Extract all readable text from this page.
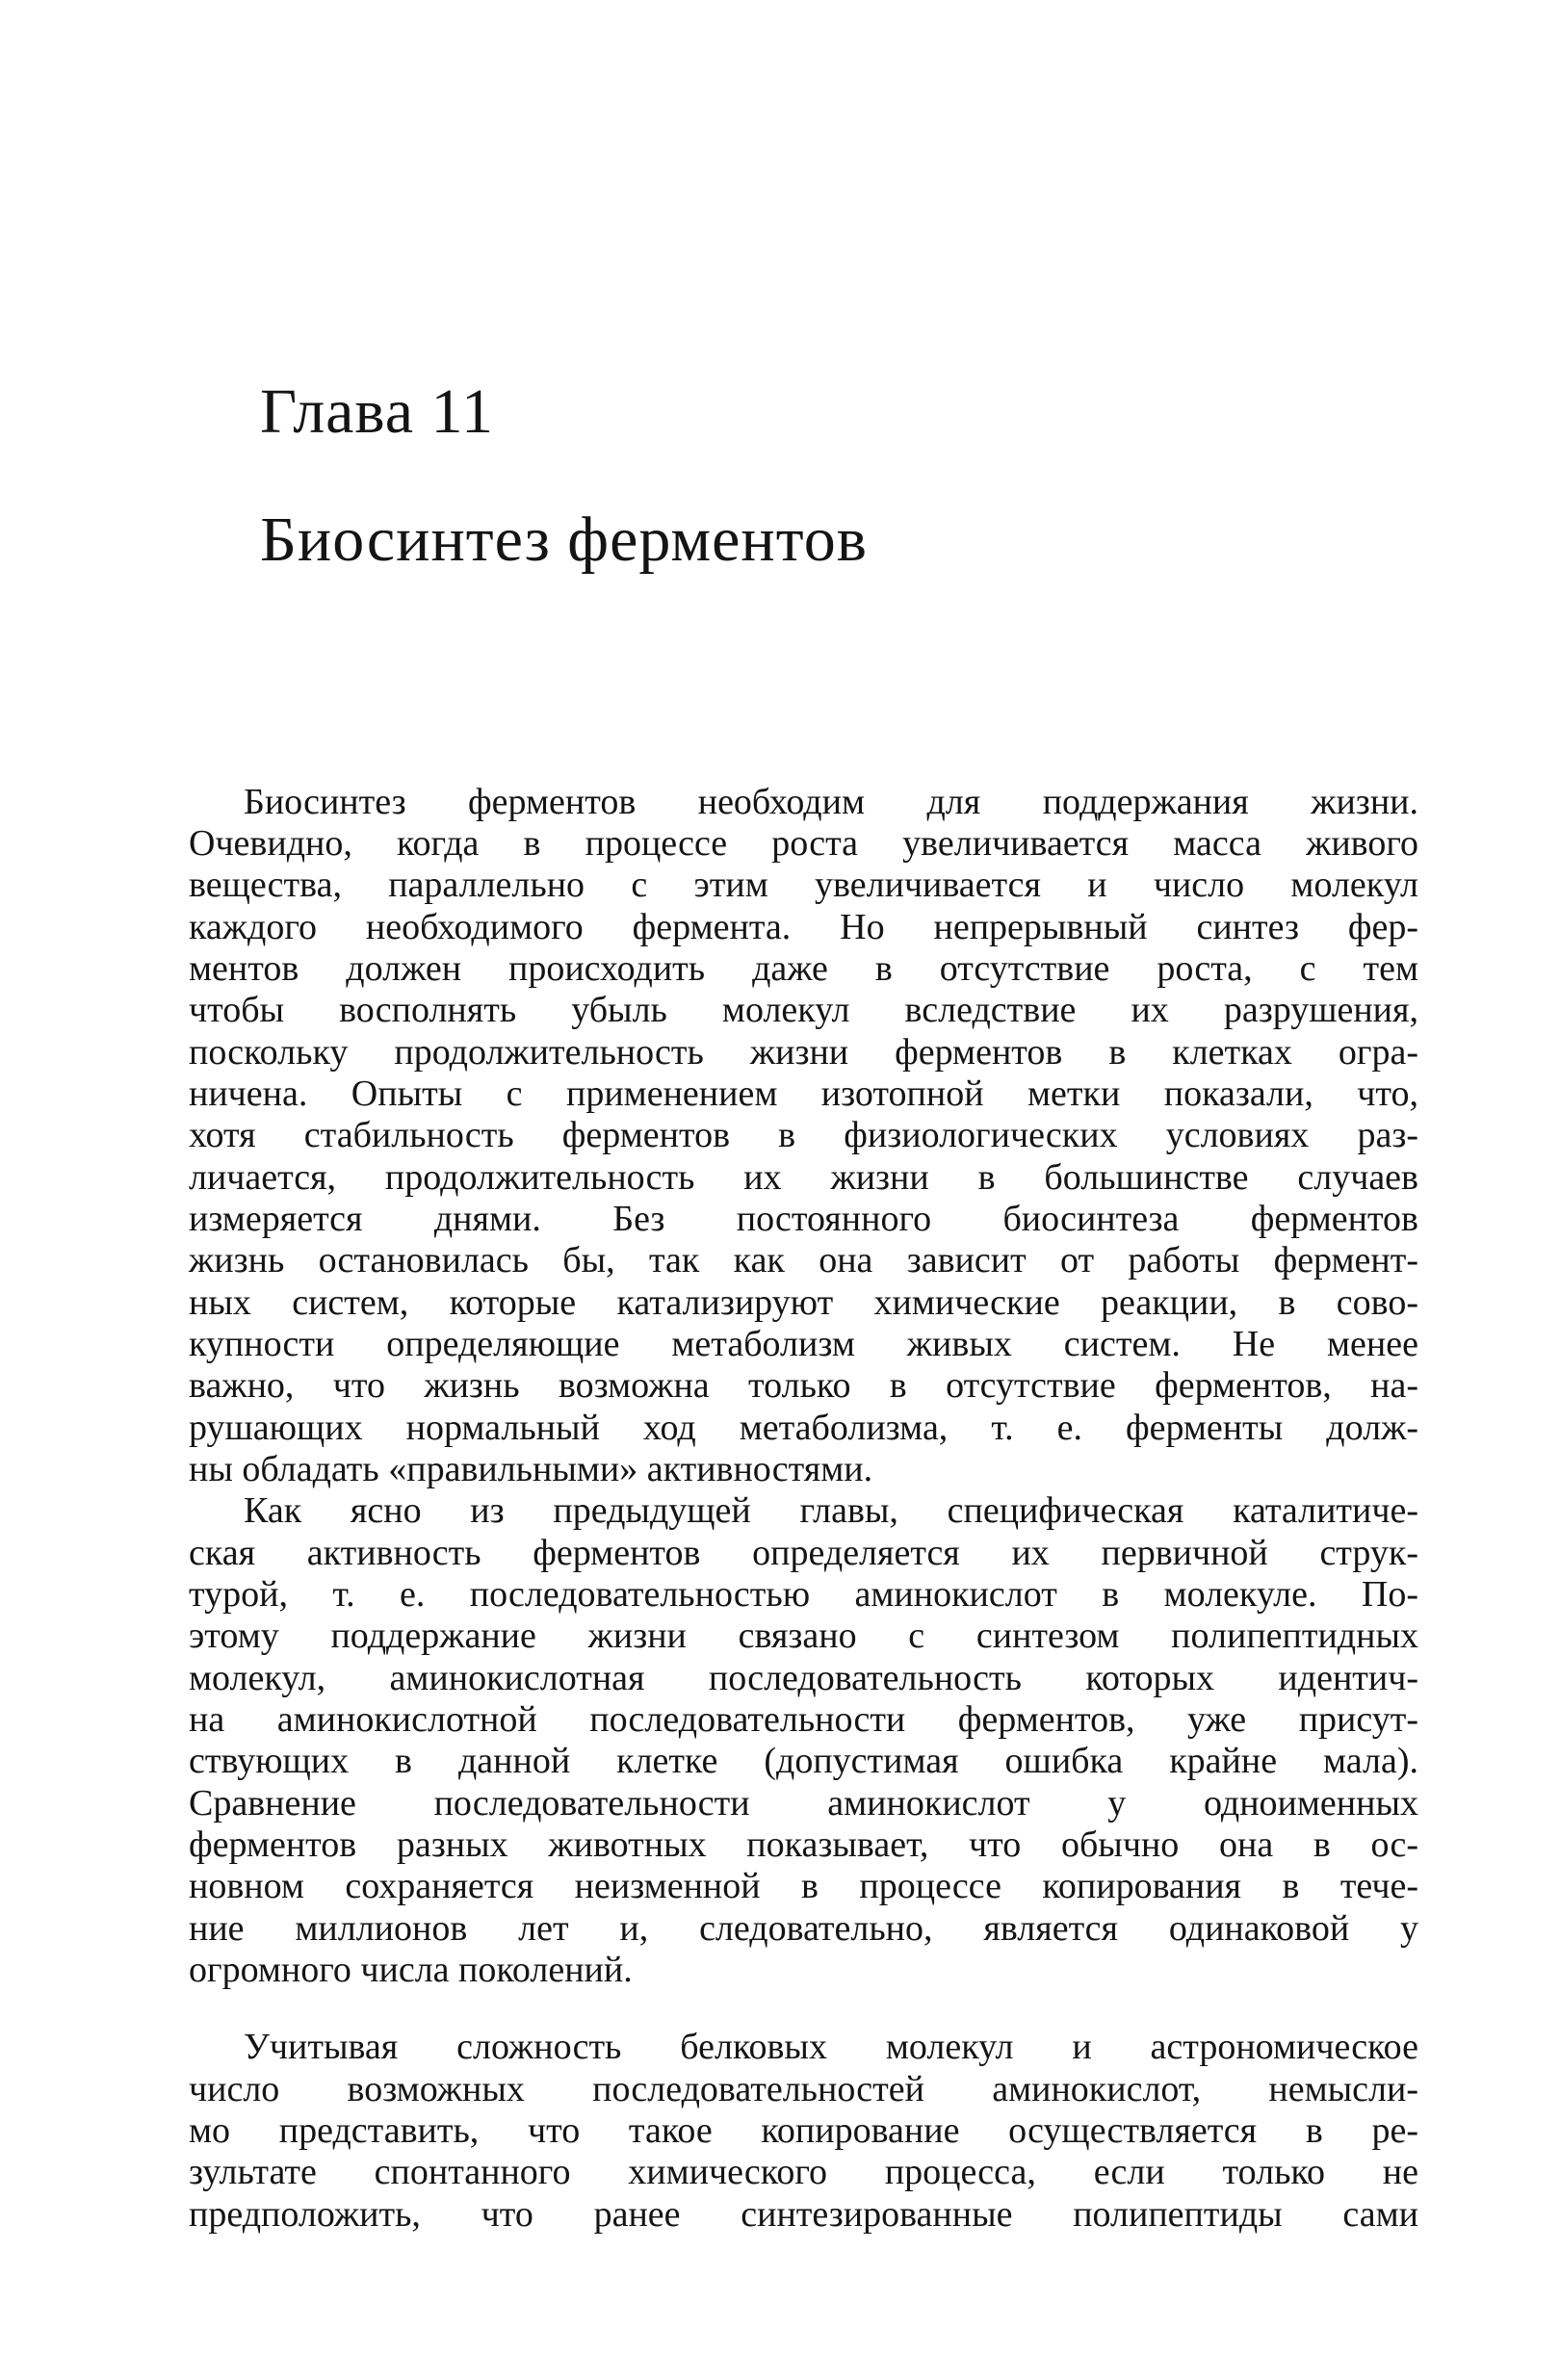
Глава 11
Биосинтез ферментов
Биосинтез ферментов необходим для поддержания жизни.
Очевидно, когда в процессе роста увеличивается масса живого
вещества, параллельно с этим увеличивается и число молекул
каждого необходимого фермента. Но непрерывный синтез фер-
ментов должен происходить даже в отсутствие роста, с тем
чтобы восполнять убыль молекул вследствие их разрушения,
поскольку продолжительность жизни ферментов в клетках огра-
ничена. Опыты с применением изотопной метки показали, что,
хотя стабильность ферментов в физиологических условиях раз-
личается, продолжительность их жизни в большинстве случаев
измеряется днями. Без постоянного биосинтеза ферментов
жизнь остановилась бы, так как она зависит от работы фермент-
ных систем, которые катализируют химические реакции, в сово-
купности определяющие метаболизм живых систем. Не менее
важно, что жизнь возможна только в отсутствие ферментов, на-
рушающих нормальный ход метаболизма, т. е. ферменты долж-
ны обладать «правильными» активностями.
Как ясно из предыдущей главы, специфическая каталитиче-
ская активность ферментов определяется их первичной струк-
турой, т. е. последовательностью аминокислот в молекуле. По-
этому поддержание жизни связано с синтезом полипептидных
молекул, аминокислотная последовательность которых идентич-
на аминокислотной последовательности ферментов, уже присут-
ствующих в данной клетке (допустимая ошибка крайне мала).
Сравнение последовательности аминокислот у одноименных
ферментов разных животных показывает, что обычно она в ос-
новном сохраняется неизменной в процессе копирования в тече-
ние миллионов лет и, следовательно, является одинаковой у
огромного числа поколений.
Учитывая сложность белковых молекул и астрономическое
число возможных последовательностей аминокислот, немысли-
мо представить, что такое копирование осуществляется в ре-
зультате спонтанного химического процесса, если только не
предположить, что ранее синтезированные полипептиды сами
